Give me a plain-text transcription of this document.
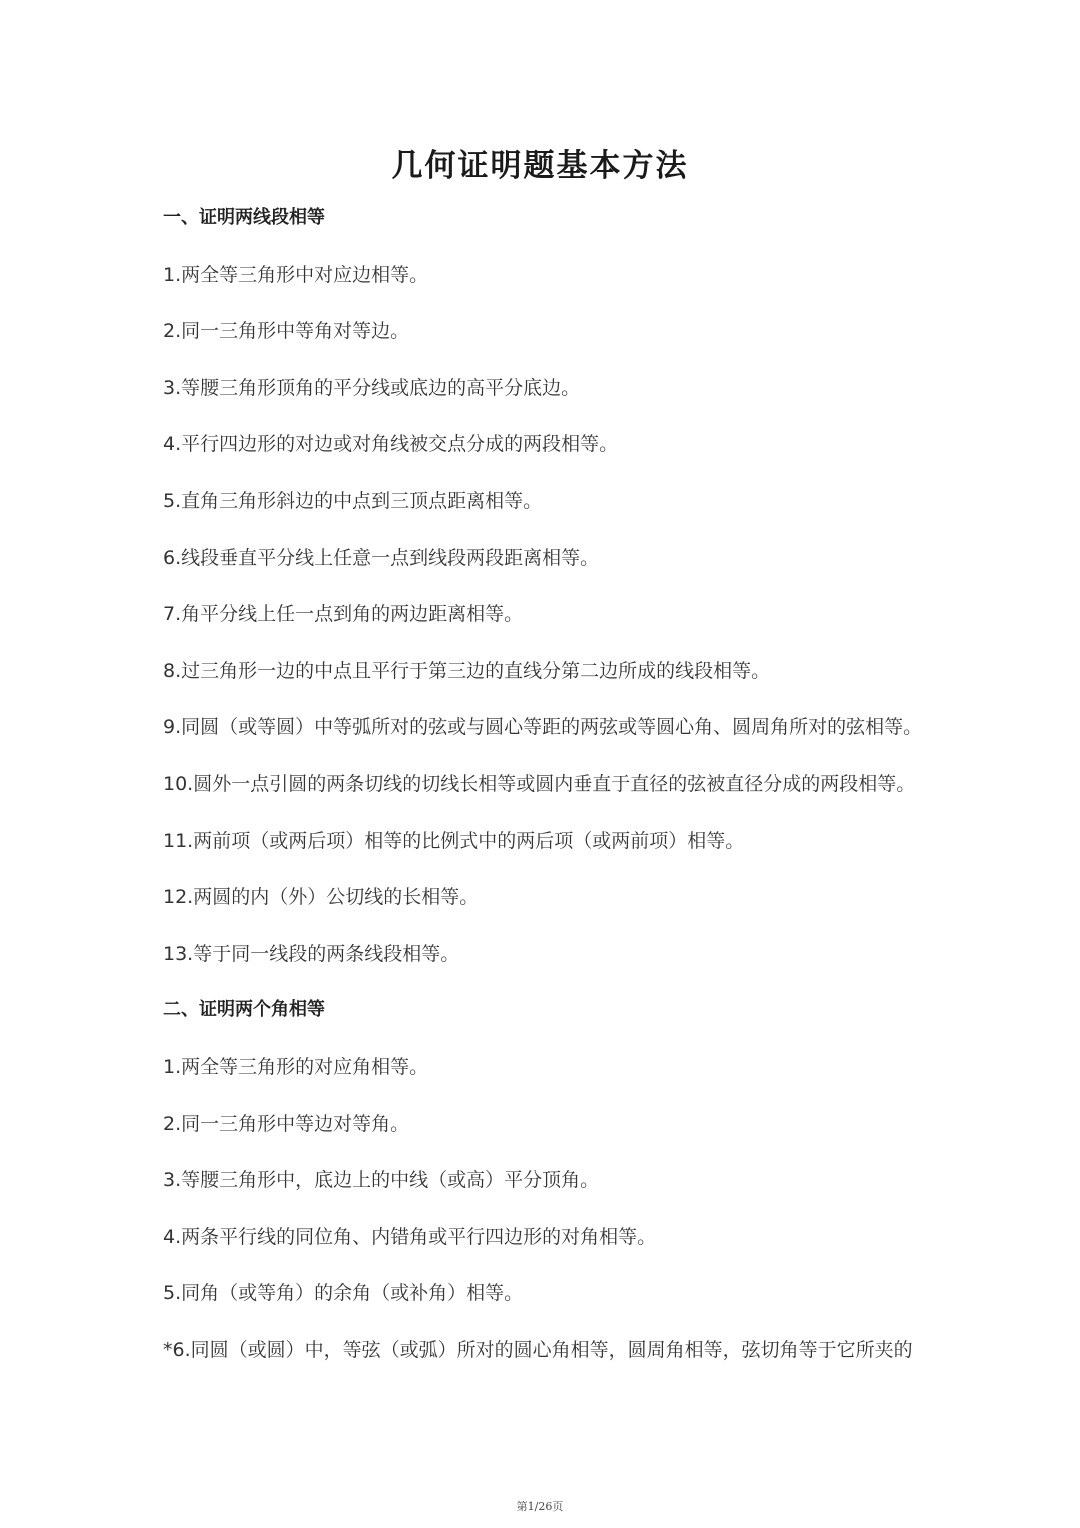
几何证明题基本方法
一、证明两线段相等
1.两全等三角形中对应边相等。
2.同一三角形中等角对等边。
3.等腰三角形顶角的平分线或底边的高平分底边。
4.平行四边形的对边或对角线被交点分成的两段相等。
5.直角三角形斜边的中点到三顶点距离相等。
6.线段垂直平分线上任意一点到线段两段距离相等。
7.角平分线上任一点到角的两边距离相等。
8.过三角形一边的中点且平行于第三边的直线分第二边所成的线段相等。
9.同圆（或等圆）中等弧所对的弦或与圆心等距的两弦或等圆心角、圆周角所对的弦相等。
10.圆外一点引圆的两条切线的切线长相等或圆内垂直于直径的弦被直径分成的两段相等。
11.两前项（或两后项）相等的比例式中的两后项（或两前项）相等。
12.两圆的内（外）公切线的长相等。
13.等于同一线段的两条线段相等。
二、证明两个角相等
1.两全等三角形的对应角相等。
2.同一三角形中等边对等角。
3.等腰三角形中，底边上的中线（或高）平分顶角。
4.两条平行线的同位角、内错角或平行四边形的对角相等。
5.同角（或等角）的余角（或补角）相等。
*6.同圆（或圆）中，等弦（或弧）所对的圆心角相等，圆周角相等，弦切角等于它所夹的
第1/26页
